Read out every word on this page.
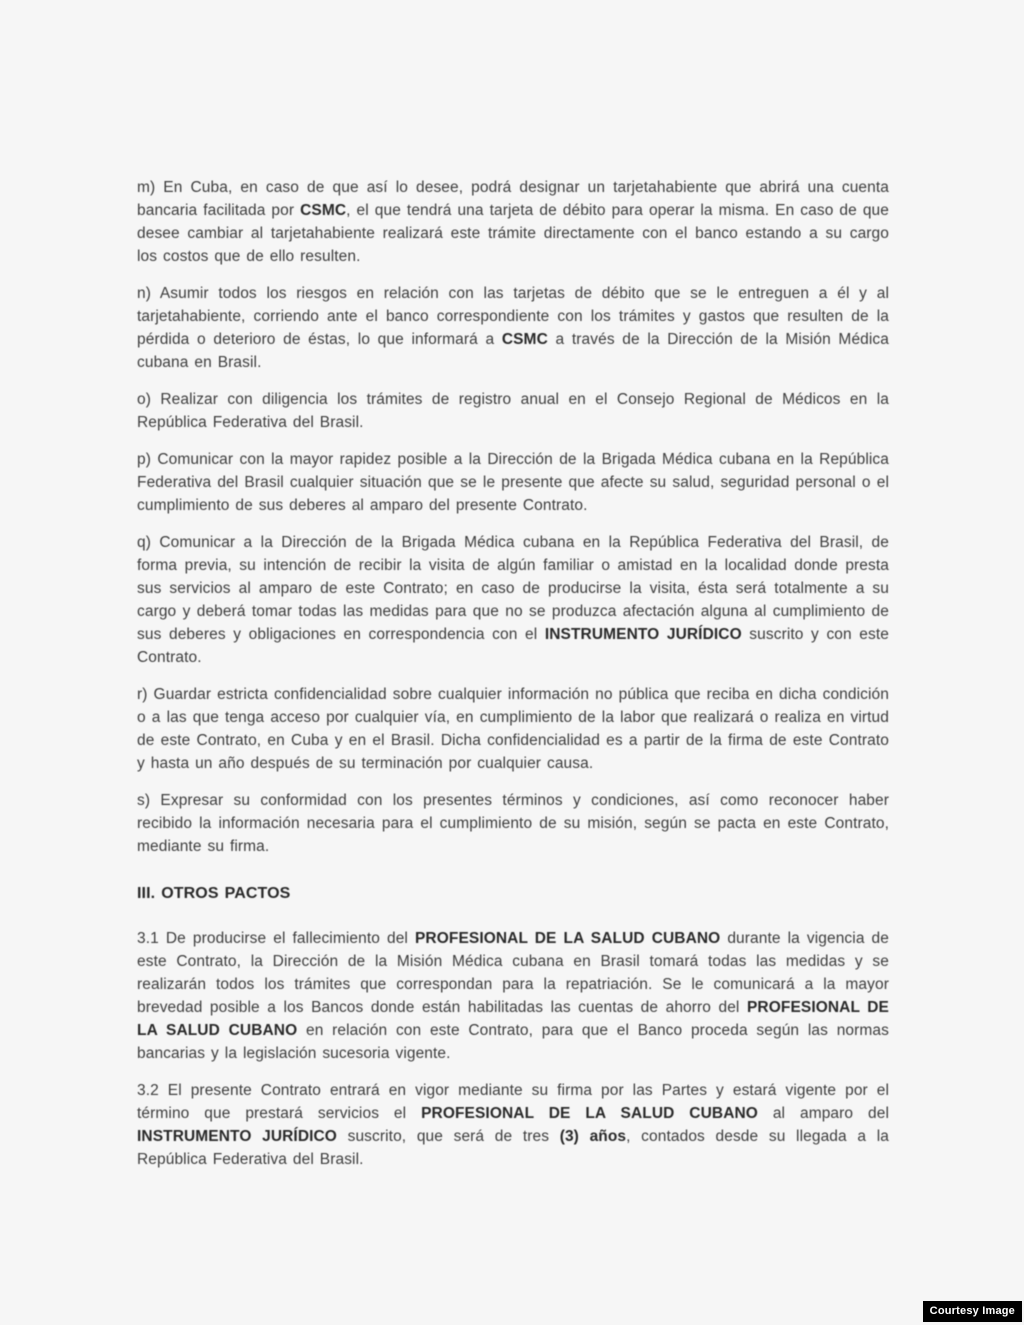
m) En Cuba, en caso de que así lo desee, podrá designar un tarjetahabiente que abrirá una cuenta bancaria facilitada por CSMC, el que tendrá una tarjeta de débito para operar la misma. En caso de que desee cambiar al tarjetahabiente realizará este trámite directamente con el banco estando a su cargo los costos que de ello resulten.

n) Asumir todos los riesgos en relación con las tarjetas de débito que se le entreguen a él y al tarjetahabiente, corriendo ante el banco correspondiente con los trámites y gastos que resulten de la pérdida o deterioro de éstas, lo que informará a CSMC a través de la Dirección de la Misión Médica cubana en Brasil.

o) Realizar con diligencia los trámites de registro anual en el Consejo Regional de Médicos en la República Federativa del Brasil.

p) Comunicar con la mayor rapidez posible a la Dirección de la Brigada Médica cubana en la República Federativa del Brasil cualquier situación que se le presente que afecte su salud, seguridad personal o el cumplimiento de sus deberes al amparo del presente Contrato.

q) Comunicar a la Dirección de la Brigada Médica cubana en la República Federativa del Brasil, de forma previa, su intención de recibir la visita de algún familiar o amistad en la localidad donde presta sus servicios al amparo de este Contrato; en caso de producirse la visita, ésta será totalmente a su cargo y deberá tomar todas las medidas para que no se produzca afectación alguna al cumplimiento de sus deberes y obligaciones en correspondencia con el INSTRUMENTO JURÍDICO suscrito y con este Contrato.

r) Guardar estricta confidencialidad sobre cualquier información no pública que reciba en dicha condición o a las que tenga acceso por cualquier vía, en cumplimiento de la labor que realizará o realiza en virtud de este Contrato, en Cuba y en el Brasil. Dicha confidencialidad es a partir de la firma de este Contrato y hasta un año después de su terminación por cualquier causa.

s) Expresar su conformidad con los presentes términos y condiciones, así como reconocer haber recibido la información necesaria para el cumplimiento de su misión, según se pacta en este Contrato, mediante su firma.

III. OTROS PACTOS

3.1 De producirse el fallecimiento del PROFESIONAL DE LA SALUD CUBANO durante la vigencia de este Contrato, la Dirección de la Misión Médica cubana en Brasil tomará todas las medidas y se realizarán todos los trámites que correspondan para la repatriación. Se le comunicará a la mayor brevedad posible a los Bancos donde están habilitadas las cuentas de ahorro del PROFESIONAL DE LA SALUD CUBANO en relación con este Contrato, para que el Banco proceda según las normas bancarias y la legislación sucesoria vigente.

3.2 El presente Contrato entrará en vigor mediante su firma por las Partes y estará vigente por el término que prestará servicios el PROFESIONAL DE LA SALUD CUBANO al amparo del INSTRUMENTO JURÍDICO suscrito, que será de tres (3) años, contados desde su llegada a la República Federativa del Brasil.

Courtesy Image
